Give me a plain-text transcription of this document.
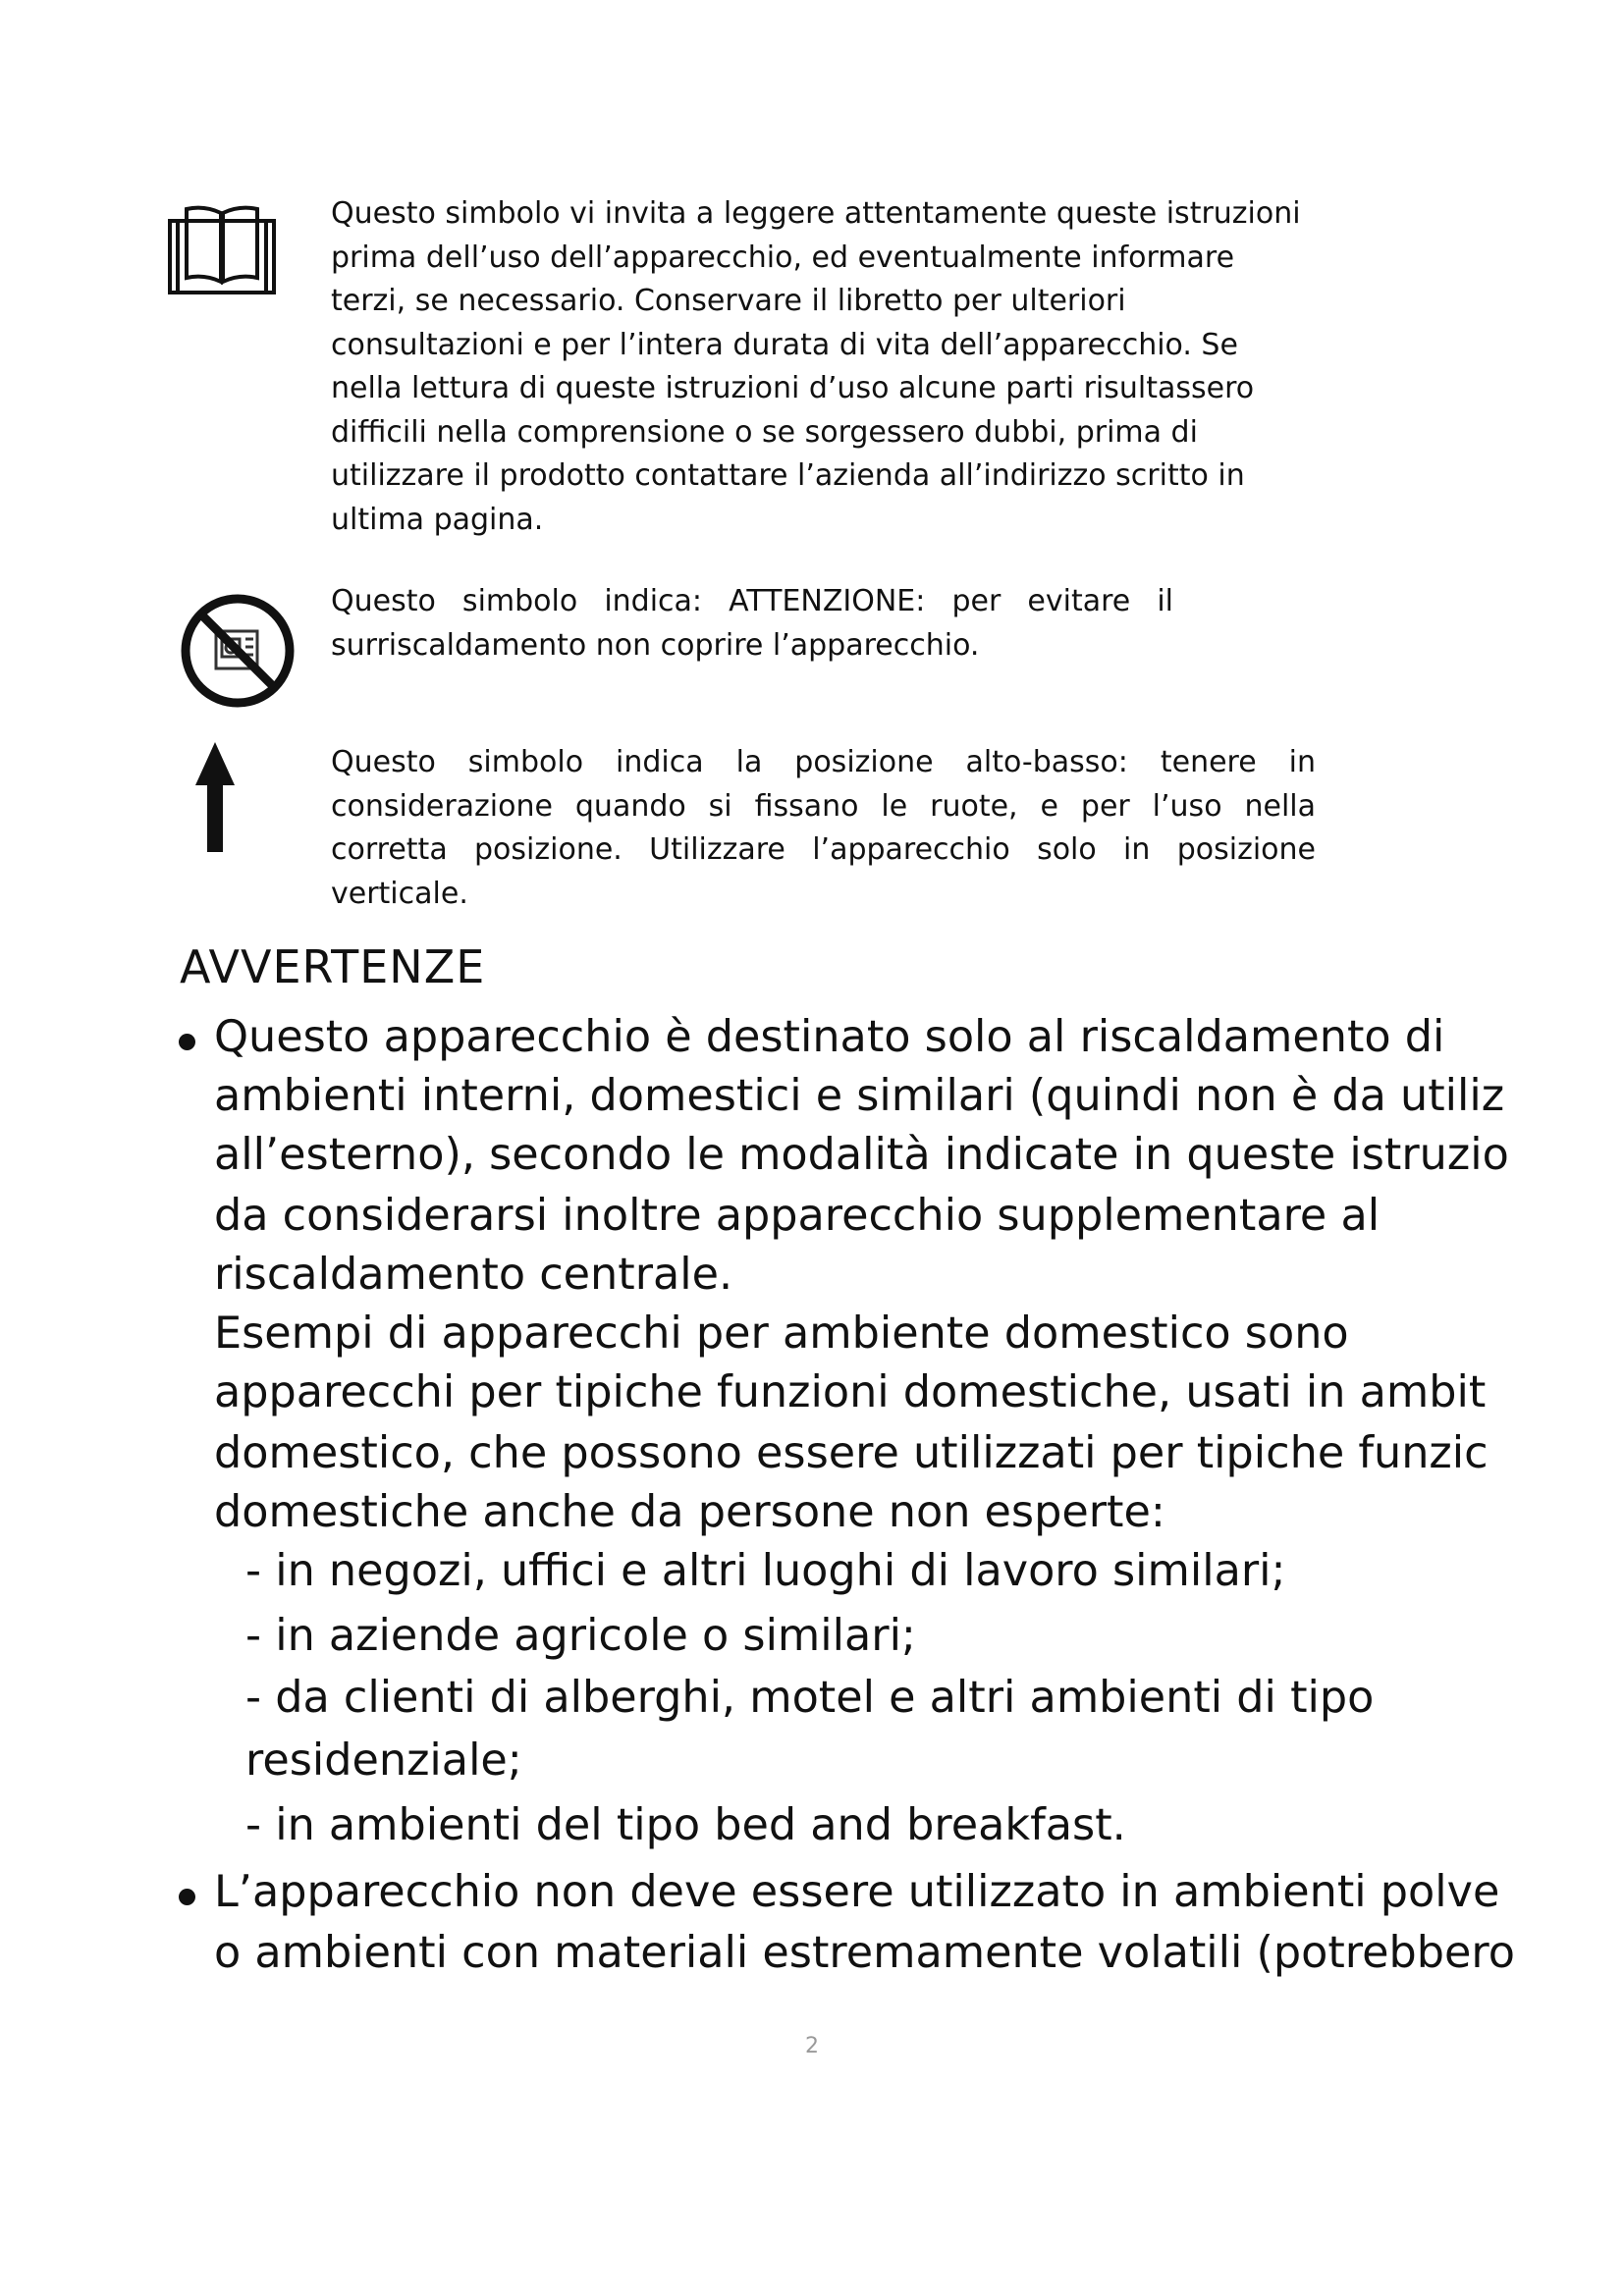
Questo simbolo vi invita a leggere attentamente queste istruzioni
prima dell’uso dell’apparecchio, ed eventualmente informare
terzi, se necessario. Conservare il libretto per ulteriori
consultazioni e per l’intera durata di vita dell’apparecchio. Se
nella lettura di queste istruzioni d’uso alcune parti risultassero
difficili nella comprensione o se sorgessero dubbi, prima di
utilizzare il prodotto contattare l’azienda all’indirizzo scritto in
ultima pagina.
Questo simbolo indica: ATTENZIONE: per evitare il
surriscaldamento non coprire l’apparecchio.
Questo simbolo indica la posizione alto-basso: tenere in
considerazione quando si fissano le ruote, e per l’uso nella
corretta posizione. Utilizzare l’apparecchio solo in posizione
verticale.
AVVERTENZE
Questo apparecchio è destinato solo al riscaldamento di
ambienti interni, domestici e similari (quindi non è da utiliz
all’esterno), secondo le modalità indicate in queste istruzio
da considerarsi inoltre apparecchio supplementare al
riscaldamento centrale.
Esempi di apparecchi per ambiente domestico sono
apparecchi per tipiche funzioni domestiche, usati in ambit
domestico, che possono essere utilizzati per tipiche funzic
domestiche anche da persone non esperte:
- in negozi, uffici e altri luoghi di lavoro similari;
- in aziende agricole o similari;
- da clienti di alberghi, motel e altri ambienti di tipo
residenziale;
- in ambienti del tipo bed and breakfast.
L’apparecchio non deve essere utilizzato in ambienti polve
o ambienti con materiali estremamente volatili (potrebbero
2
